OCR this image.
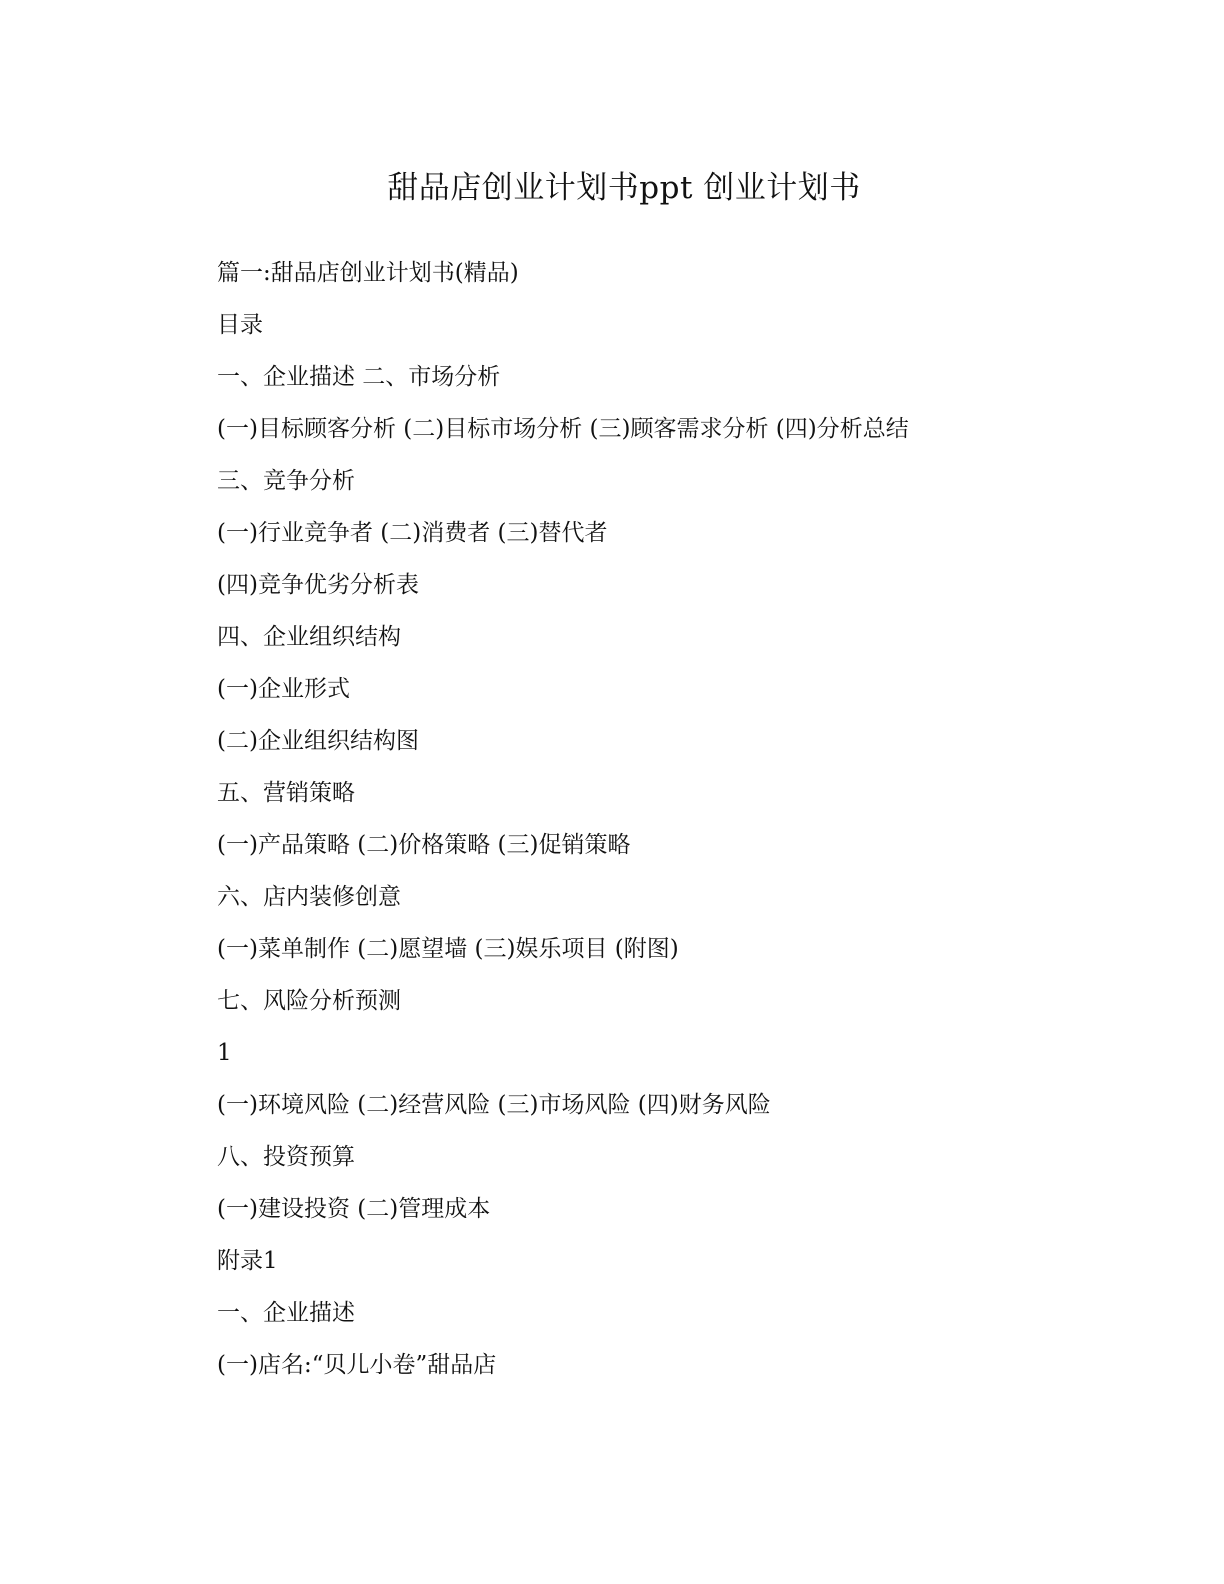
甜品店创业计划书ppt 创业计划书
篇一:甜品店创业计划书(精品)
目录
一、企业描述 二、市场分析
(一)目标顾客分析 (二)目标市场分析 (三)顾客需求分析 (四)分析总结
三、竞争分析
(一)行业竞争者 (二)消费者 (三)替代者
(四)竞争优劣分析表
四、企业组织结构
(一)企业形式
(二)企业组织结构图
五、营销策略
(一)产品策略 (二)价格策略 (三)促销策略
六、店内装修创意
(一)菜单制作 (二)愿望墙 (三)娱乐项目 (附图)
七、风险分析预测
1
(一)环境风险 (二)经营风险 (三)市场风险 (四)财务风险
八、投资预算
(一)建设投资 (二)管理成本
附录1
一、企业描述
(一)店名:“贝儿小卷”甜品店
